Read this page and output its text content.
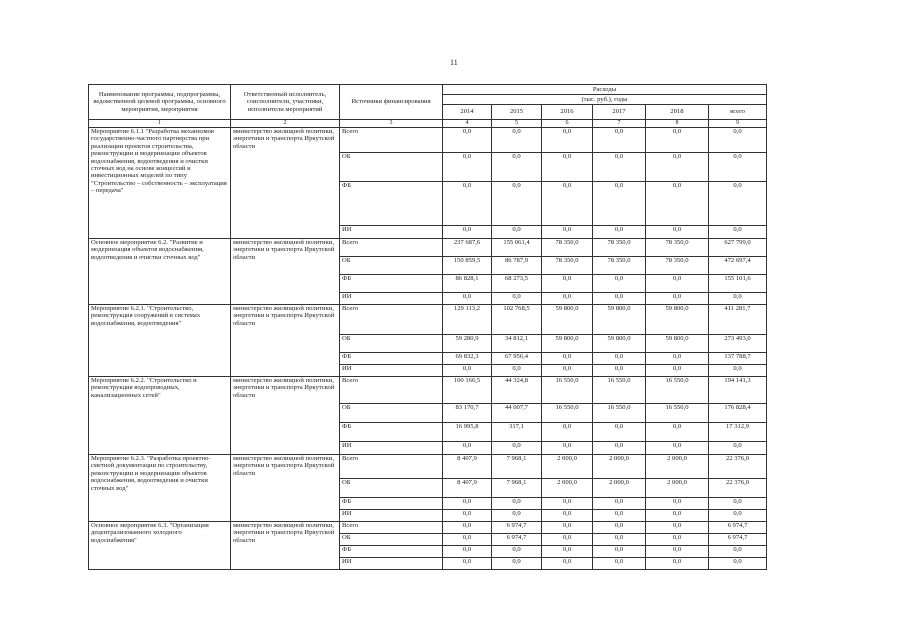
11
Наименование программы, подпрограммы, ведомственной целевой программы, основного мероприятия, мероприятия	Ответственный исполнитель, соисполнители, участники, исполнители мероприятий	Источники финансирования	Расходы					
			(тыс. руб.), годы					
			2014	2015	2016	2017	2018	всего
1	2	3	4	5	6	7	8	9
Мероприятие 6.1.1 "Разработка механизмов государственно-частного партнерства при реализации проектов строительства, реконструкции и модернизации объектов водоснабжения, водоотведения и очистки сточных вод на основе концессий и инвестиционных моделей по типу "Строительство – собственность – эксплуатация – передача"	министерство жилищной политики, энергетики и транспорта Иркутской области	Всего	0,0	0,0	0,0	0,0	0,0	0,0
		ОБ	0,0	0,0	0,0	0,0	0,0	0,0
		ФБ	0,0	0,0	0,0	0,0	0,0	0,0
		ИИ	0,0	0,0	0,0	0,0	0,0	0,0
Основное мероприятие 6.2. "Развитие и модернизация объектов водоснабжения, водоотведения и очистки сточных вод"	министерство жилищной политики, энергетики и транспорта Иркутской области	Всего	237 687,6	155 061,4	78 350,0	78 350,0	78 350,0	627 799,0
		ОБ	150 859,5	86 787,9	78 350,0	78 350,0	78 350,0	472 697,4
		ФБ	86 828,1	68 273,5	0,0	0,0	0,0	155 101,6
		ИИ	0,0	0,0	0,0	0,0	0,0	0,0
Мероприятие 6.2.1. "Строительство, реконструкция сооружений в системах водоснабжения, водоотведения"	министерство жилищной политики, энергетики и транспорта Иркутской области	Всего	129 113,2	102 768,5	59 800,0	59 800,0	59 800,0	411 281,7
		ОБ	59 280,9	34 812,1	59 800,0	59 800,0	59 800,0	273 493,0
		ФБ	69 832,3	67 956,4	0,0	0,0	0,0	137 788,7
		ИИ	0,0	0,0	0,0	0,0	0,0	0,0
Мероприятие 6.2.2. "Строительство и реконструкция водопроводных, канализационных сетей"	министерство жилищной политики, энергетики и транспорта Иркутской области	Всего	100 166,5	44 324,8	16 550,0	16 550,0	16 550,0	194 141,3
		ОБ	83 170,7	44 007,7	16 550,0	16 550,0	16 550,0	176 828,4
		ФБ	16 995,8	317,1	0,0	0,0	0,0	17 312,9
		ИИ	0,0	0,0	0,0	0,0	0,0	0,0
Мероприятие 6.2.3. "Разработка проектно-сметной документации по строительству, реконструкции и модернизации объектов водоснабжения, водоотведения и очистки сточных вод"	министерство жилищной политики, энергетики и транспорта Иркутской области	Всего	8 407,9	7 968,1	2 000,0	2 000,0	2 000,0	22 376,0
		ОБ	8 407,9	7 968,1	2 000,0	2 000,0	2 000,0	22 376,0
		ФБ	0,0	0,0	0,0	0,0	0,0	0,0
		ИИ	0,0	0,0	0,0	0,0	0,0	0,0
Основное мероприятие 6.3. "Организация децентрализованного холодного водоснабжения"	министерство жилищной политики, энергетики и транспорта Иркутской области	Всего	0,0	6 974,7	0,0	0,0	0,0	6 974,7
		ОБ	0,0	6 974,7	0,0	0,0	0,0	6 974,7
		ФБ	0,0	0,0	0,0	0,0	0,0	0,0
		ИИ	0,0	0,0	0,0	0,0	0,0	0,0
